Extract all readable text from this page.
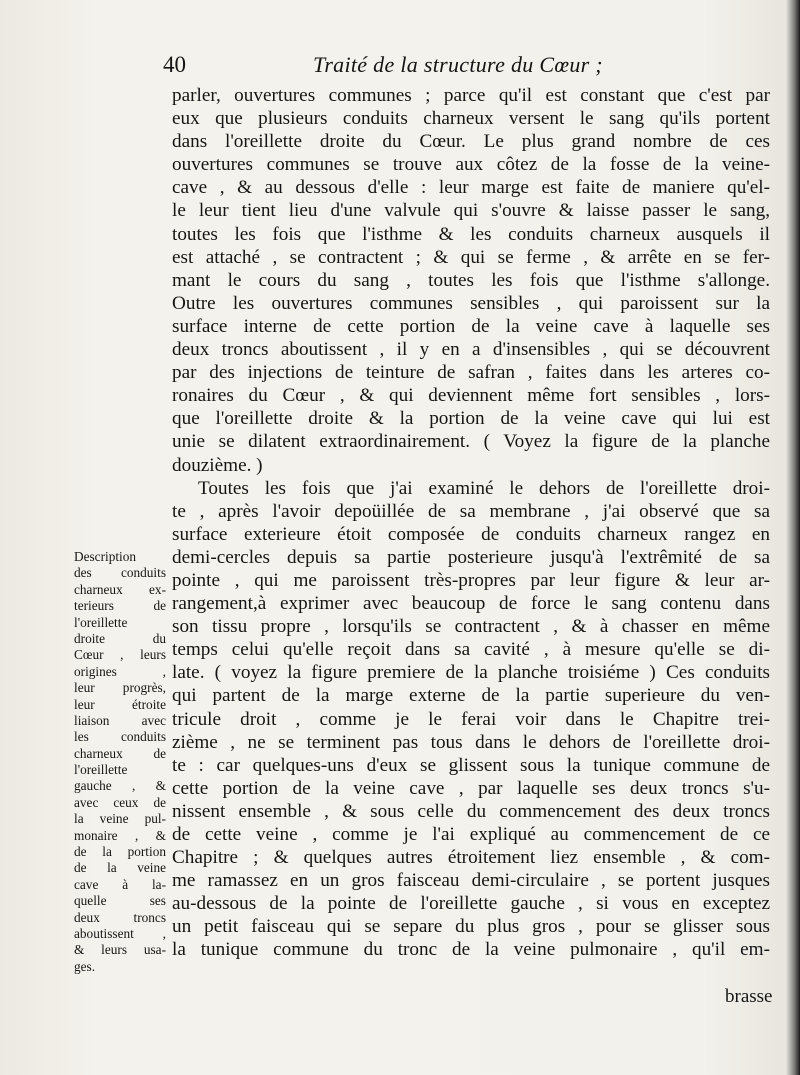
40	Traité de la structure du Cœur ;
parler, ouvertures communes ; parce qu'il est constant que c'est par
eux que plusieurs conduits charneux versent le sang qu'ils portent
dans l'oreillette droite du Cœur. Le plus grand nombre de ces
ouvertures communes se trouve aux côtez de la fosse de la veine-
cave , & au dessous d'elle : leur marge est faite de maniere qu'el-
le leur tient lieu d'une valvule qui s'ouvre & laisse passer le sang,
toutes les fois que l'isthme & les conduits charneux ausquels il
est attaché , se contractent ; & qui se ferme , & arrête en se fer-
mant le cours du sang , toutes les fois que l'isthme s'allonge.
Outre les ouvertures communes sensibles , qui paroissent sur la
surface interne de cette portion de la veine cave à laquelle ses
deux troncs aboutissent , il y en a d'insensibles , qui se découvrent
par des injections de teinture de safran , faites dans les arteres co-
ronaires du Cœur , & qui deviennent même fort sensibles , lors-
que l'oreillette droite & la portion de la veine cave qui lui est
unie se dilatent extraordinairement. ( Voyez la figure de la planche
douzième. )
Toutes les fois que j'ai examiné le dehors de l'oreillette droi-
te , après l'avoir depoüillée de sa membrane , j'ai observé que sa
surface exterieure étoit composée de conduits charneux rangez en
demi-cercles depuis sa partie posterieure jusqu'à l'extrêmité de sa
pointe , qui me paroissent très-propres par leur figure & leur ar-
rangement,à exprimer avec beaucoup de force le sang contenu dans
son tissu propre , lorsqu'ils se contractent , & à chasser en même
temps celui qu'elle reçoit dans sa cavité , à mesure qu'elle se di-
late. ( voyez la figure premiere de la planche troisiéme ) Ces conduits
qui partent de la marge externe de la partie superieure du ven-
tricule droit , comme je le ferai voir dans le Chapitre trei-
zième , ne se terminent pas tous dans le dehors de l'oreillette droi-
te : car quelques-uns d'eux se glissent sous la tunique commune de
cette portion de la veine cave , par laquelle ses deux troncs s'u-
nissent ensemble , & sous celle du commencement des deux troncs
de cette veine , comme je l'ai expliqué au commencement de ce
Chapitre ; & quelques autres étroitement liez ensemble , & com-
me ramassez en un gros faisceau demi-circulaire , se portent jusques
au-dessous de la pointe de l'oreillette gauche , si vous en exceptez
un petit faisceau qui se separe du plus gros , pour se glisser sous
la tunique commune du tronc de la veine pulmonaire , qu'il em-
Description
des conduits
charneux ex-
terieurs de
l'oreillette
droite du
Cœur , leurs
origines ,
leur progrès,
leur étroite
liaison avec
les conduits
charneux de
l'oreillette
gauche , &
avec ceux de
la veine pul-
monaire , &
de la portion
de la veine
cave à la-
quelle ses
deux troncs
aboutissent ,
& leurs usa-
ges.
brasse
